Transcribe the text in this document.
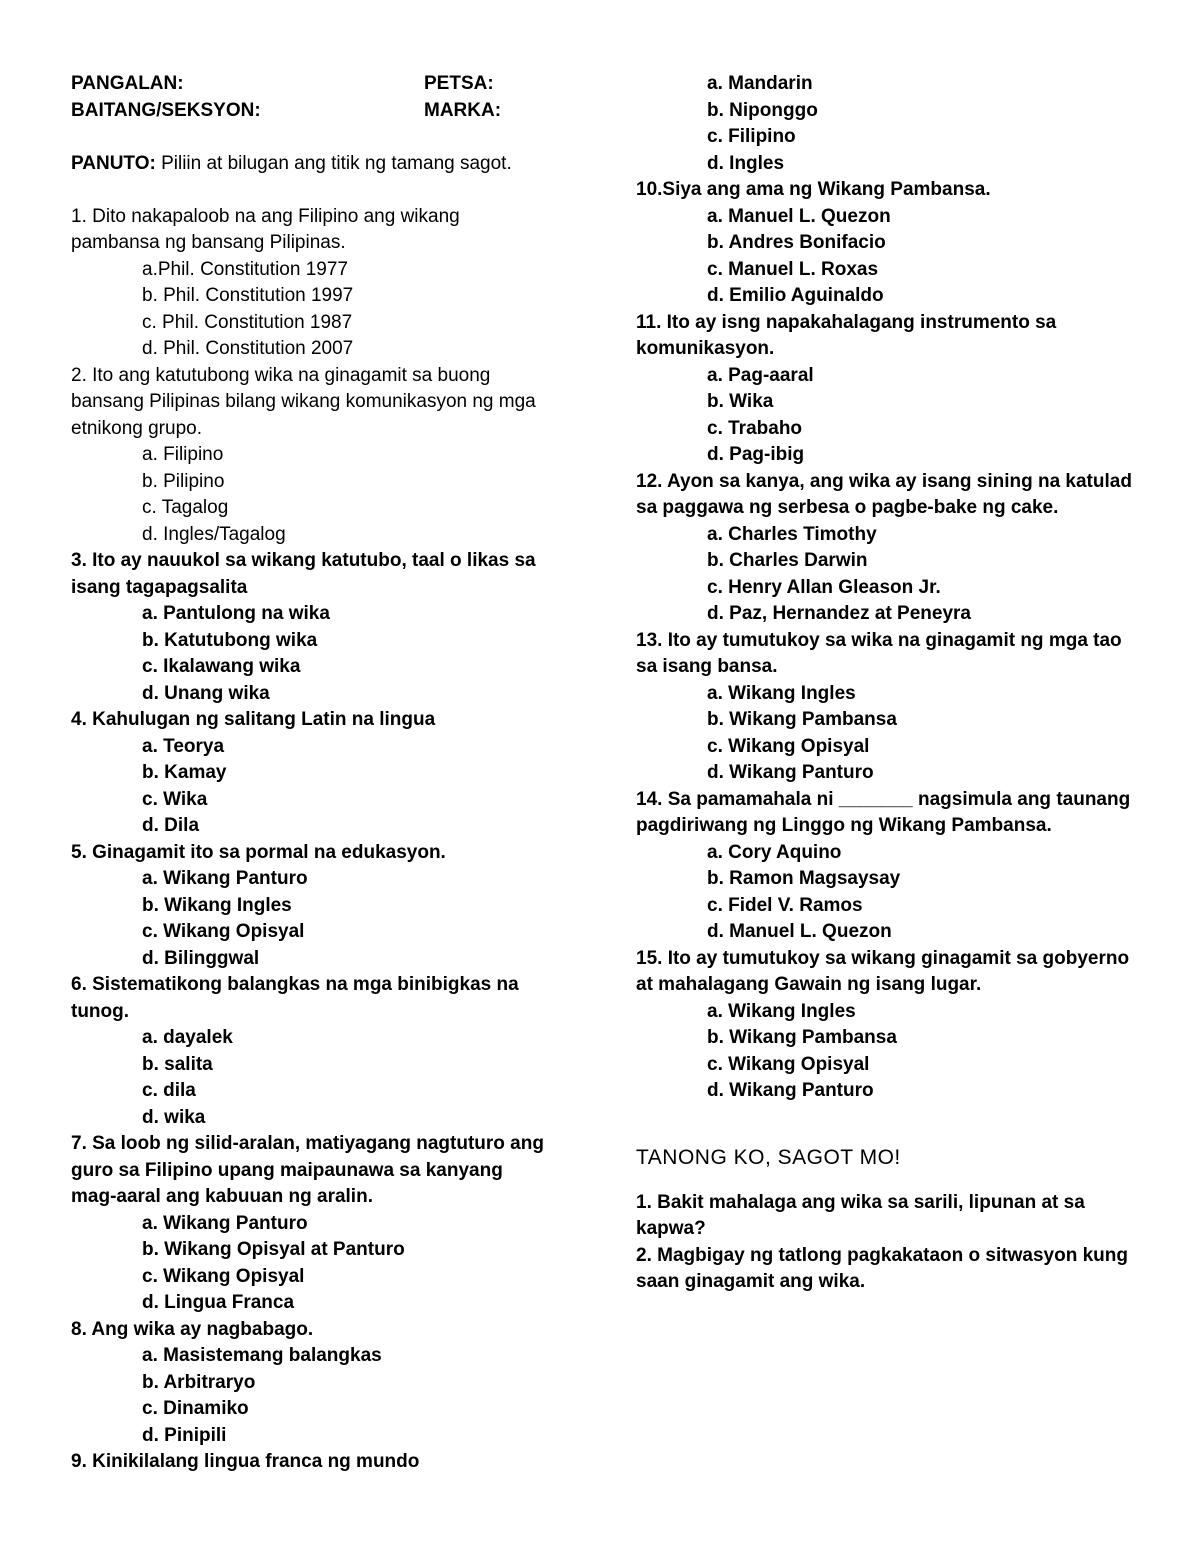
PANGALAN:	PETSA:
BAITANG/SEKSYON:	MARKA:
PANUTO: Piliin at bilugan ang titik ng tamang sagot.
1. Dito nakapaloob na ang Filipino ang wikang pambansa ng bansang Pilipinas.
a.Phil. Constitution 1977
b. Phil. Constitution 1997
c. Phil. Constitution 1987
d. Phil. Constitution 2007
2. Ito ang katutubong wika na ginagamit sa buong bansang Pilipinas bilang wikang komunikasyon ng mga etnikong grupo.
a. Filipino
b. Pilipino
c. Tagalog
d. Ingles/Tagalog
3. Ito ay nauukol sa wikang katutubo, taal o likas sa isang tagapagsalita
a. Pantulong na wika
b. Katutubong wika
c. Ikalawang wika
d. Unang wika
4. Kahulugan ng salitang Latin na lingua
a. Teorya
b. Kamay
c. Wika
d. Dila
5. Ginagamit ito sa pormal na edukasyon.
a. Wikang Panturo
b. Wikang Ingles
c. Wikang Opisyal
d. Bilinggwal
6. Sistematikong balangkas na mga binibigkas na tunog.
a. dayalek
b. salita
c. dila
d. wika
7. Sa loob ng silid-aralan, matiyagang nagtuturo ang guro sa Filipino upang maipaunawa sa kanyang mag-aaral ang kabuuan ng aralin.
a. Wikang Panturo
b. Wikang Opisyal at Panturo
c. Wikang Opisyal
d. Lingua Franca
8. Ang wika ay nagbabago.
a. Masistemang balangkas
b. Arbitraryo
c. Dinamiko
d. Pinipili
9. Kinikilalang lingua franca ng mundo
a. Mandarin
b. Niponggo
c. Filipino
d. Ingles
10.Siya ang ama ng Wikang Pambansa.
a. Manuel L. Quezon
b. Andres Bonifacio
c. Manuel L. Roxas
d. Emilio Aguinaldo
11. Ito ay isng napakahalagang instrumento sa komunikasyon.
a. Pag-aaral
b. Wika
c. Trabaho
d. Pag-ibig
12. Ayon sa kanya, ang wika ay isang sining na katulad sa paggawa ng serbesa o pagbe-bake ng cake.
a. Charles Timothy
b. Charles Darwin
c. Henry Allan Gleason Jr.
d. Paz, Hernandez at Peneyra
13. Ito ay tumutukoy sa wika na ginagamit ng mga tao sa isang bansa.
a. Wikang Ingles
b. Wikang Pambansa
c. Wikang Opisyal
d. Wikang Panturo
14. Sa pamamahala ni _______ nagsimula ang taunang pagdiriwang ng Linggo ng Wikang Pambansa.
a. Cory Aquino
b. Ramon Magsaysay
c. Fidel V. Ramos
d. Manuel L. Quezon
15. Ito ay tumutukoy sa wikang ginagamit sa gobyerno at mahalagang Gawain ng isang lugar.
a. Wikang Ingles
b. Wikang Pambansa
c. Wikang Opisyal
d. Wikang Panturo
TANONG KO, SAGOT MO!
1. Bakit mahalaga ang wika sa sarili, lipunan at sa kapwa?
2. Magbigay ng tatlong pagkakataon o sitwasyon kung saan ginagamit ang wika.
